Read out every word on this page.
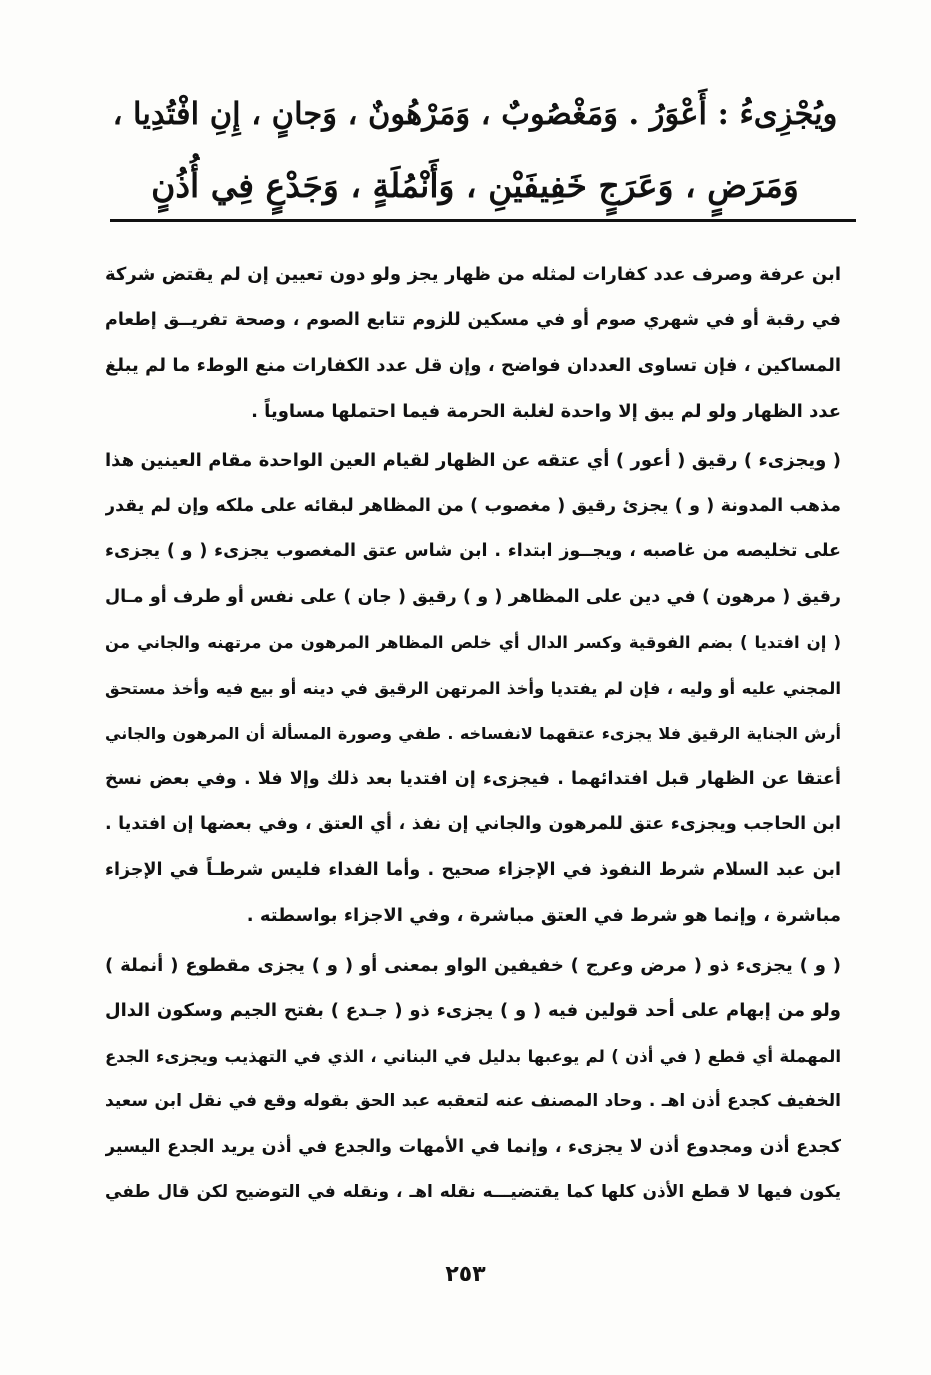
ويُجْزِىءُ : أَعْوَرُ . وَمَغْصُوبٌ ، وَمَرْهُونٌ ، وَجانٍ ، إِنِ افْتُدِيا ،
وَمَرَضٍ ، وَعَرَجٍ خَفِيفَيْنِ ، وَأَنْمُلَةٍ ، وَجَدْعٍ فِي أُذُنٍ
ابن عرفة وصرف عدد كفارات لمثله من ظهار يجز ولو دون تعيين إن لم يقتض شركة
في رقبة أو في شهري صوم أو في مسكين للزوم تتابع الصوم ، وصحة تفريــق إطعام
المساكين ، فإن تساوى العددان فواضح ، وإن قل عدد الكفارات منع الوطء ما لم يبلغ
عدد الظهار ولو لم يبق إلا واحدة لغلبة الحرمة فيما احتملها مساوياً .
( ويجزىء ) رقيق ( أعور ) أي عتقه عن الظهار لقيام العين الواحدة مقام العينين هذا
مذهب المدونة ( و ) يجزئ رقيق ( مغصوب ) من المظاهر لبقائه على ملكه وإن لم يقدر
على تخليصه من غاصبه ، ويجــوز ابتداء . ابن شاس عتق المغصوب يجزىء ( و ) يجزىء
رقيق ( مرهون ) في دين على المظاهر ( و ) رقيق ( جان ) على نفس أو طرف أو مـال
( إن افتديا ) بضم الفوقية وكسر الدال أي خلص المظاهر المرهون من مرتهنه والجاني من
المجني عليه أو وليه ، فإن لم يفتديا وأخذ المرتهن الرقيق في دينه أو بيع فيه وأخذ مستحق
أرش الجناية الرقيق فلا يجزىء عتقهما لانفساخه . طفي وصورة المسألة أن المرهون والجاني
أعتقا عن الظهار قبل افتدائهما . فيجزىء إن افتديا بعد ذلك وإلا فلا . وفي بعض نسخ
ابن الحاجب ويجزىء عتق للمرهون والجاني إن نفذ ، أي العتق ، وفي بعضها إن افتديا .
ابن عبد السلام شرط النفوذ في الإجزاء صحيح . وأما الفداء فليس شرطـاً في الإجزاء
مباشرة ، وإنما هو شرط في العتق مباشرة ، وفي الاجزاء بواسطته .
( و ) يجزىء ذو ( مرض وعرج ) خفيفين الواو بمعنى أو ( و ) يجزى مقطوع ( أنملة )
ولو من إبهام على أحد قولين فيه ( و ) يجزىء ذو ( جـدع ) بفتح الجيم وسكون الدال
المهملة أي قطع ( في أذن ) لم يوعبها بدليل في البناني ، الذي في التهذيب ويجزىء الجدع
الخفيف كجدع أذن اهـ . وحاد المصنف عنه لتعقبه عبد الحق بقوله وقع في نقل ابن سعيد
كجدع أذن ومجدوع أذن لا يجزىء ، وإنما في الأمهات والجدع في أذن يريد الجدع اليسير
يكون فيها لا قطع الأذن كلها كما يقتضيـــه نقله اهـ ، ونقله في التوضيح لكن قال طفي
٢٥٣
